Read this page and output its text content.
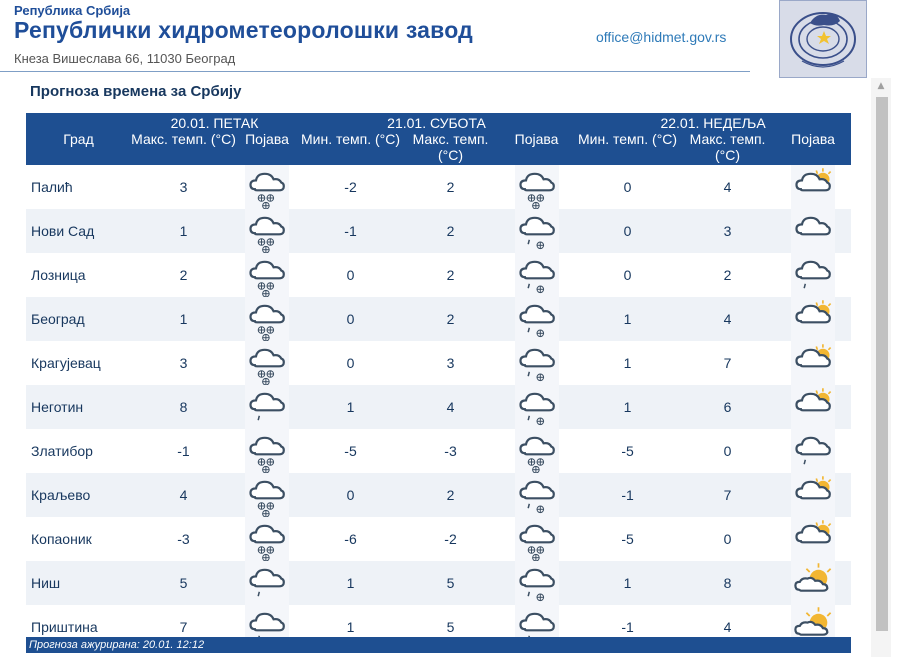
Република Србија
Републички хидрометеоролошки завод
Кнеза Вишеслава 66, 11030 Београд
office@hidmet.gov.rs
Прогноза времена за Србију
Град	20.01. ПЕТАК		21.01. СУБОТА			22.01. НЕДЕЉА		
	Макс. темп. (°C)	Појава	Мин. темп. (°C)	Макс. темп. (°C)	Појава	Мин. темп. (°C)	Макс. темп. (°C)	Појава
Палић	3		-2	2		0	4	
Нови Сад	1		-1	2		0	3	
Лозница	2		0	2		0	2	
Београд	1		0	2		1	4	
Крагујевац	3		0	3		1	7	
Неготин	8		1	4		1	6	
Златибор	-1		-5	-3		-5	0	
Краљево	4		0	2		-1	7	
Копаоник	-3		-6	-2		-5	0	
Ниш	5		1	5		1	8	
Приштина	7		1	5		-1	4	
Прогноза ажурирана: 20.01. 12:12
▲
